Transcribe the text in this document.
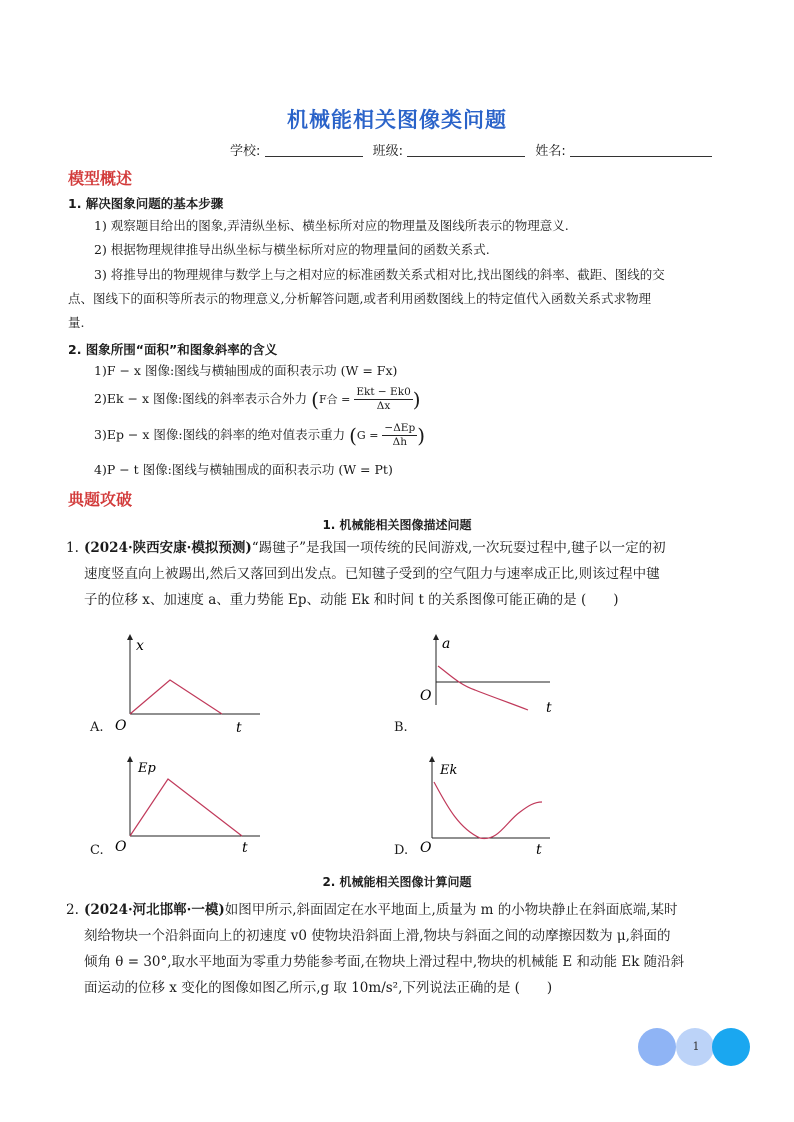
机械能相关图像类问题
学校:	班级:	姓名:
模型概述
1. 解决图象问题的基本步骤
1) 观察题目给出的图象,弄清纵坐标、横坐标所对应的物理量及图线所表示的物理意义.
2) 根据物理规律推导出纵坐标与横坐标所对应的物理量间的函数关系式.
3) 将推导出的物理规律与数学上与之相对应的标准函数关系式相对比,找出图线的斜率、截距、图线的交
点、图线下的面积等所表示的物理意义,分析解答问题,或者利用函数图线上的特定值代入函数关系式求物理
量.
2. 图象所围“面积”和图象斜率的含义
1)F − x 图像:图线与横轴围成的面积表示功 (W = Fx)
2)Ek − x 图像:图线的斜率表示合外力 (F合 = $\frac{\text{Ekt − Ek0}}{\Delta x}$ )
3)Ep − x 图像:图线的斜率的绝对值表示重力 ($G = \frac{\text{−ΔEp}}{\Delta h}$ )
4)P − t 图像:图线与横轴围成的面积表示功 (W = Pt)
典题攻破
1. 机械能相关图像描述问题
1. (2024·陕西安康·模拟预测)“踢毽子”是我国一项传统的民间游戏,一次玩耍过程中,毽子以一定的初
速度竖直向上被踢出,然后又落回到出发点。已知毽子受到的空气阻力与速率成正比,则该过程中毽
子的位移 x、加速度 a、重力势能 Ep、动能 Ek 和时间 t 的关系图像可能正确的是 (　　)
x
t
O
A.
a
t
O
B.
Ep
t
O
C.
Ek
t
O
D.
2. 机械能相关图像计算问题
2. (2024·河北邯郸·一模)如图甲所示,斜面固定在水平地面上,质量为 m 的小物块静止在斜面底端,某时
刻给物块一个沿斜面向上的初速度 v0 使物块沿斜面上滑,物块与斜面之间的动摩擦因数为 μ,斜面的
倾角 θ = 30°,取水平地面为零重力势能参考面,在物块上滑过程中,物块的机械能 E 和动能 Ek 随沿斜
面运动的位移 x 变化的图像如图乙所示,g 取 10m/s²,下列说法正确的是 (　　)
1
